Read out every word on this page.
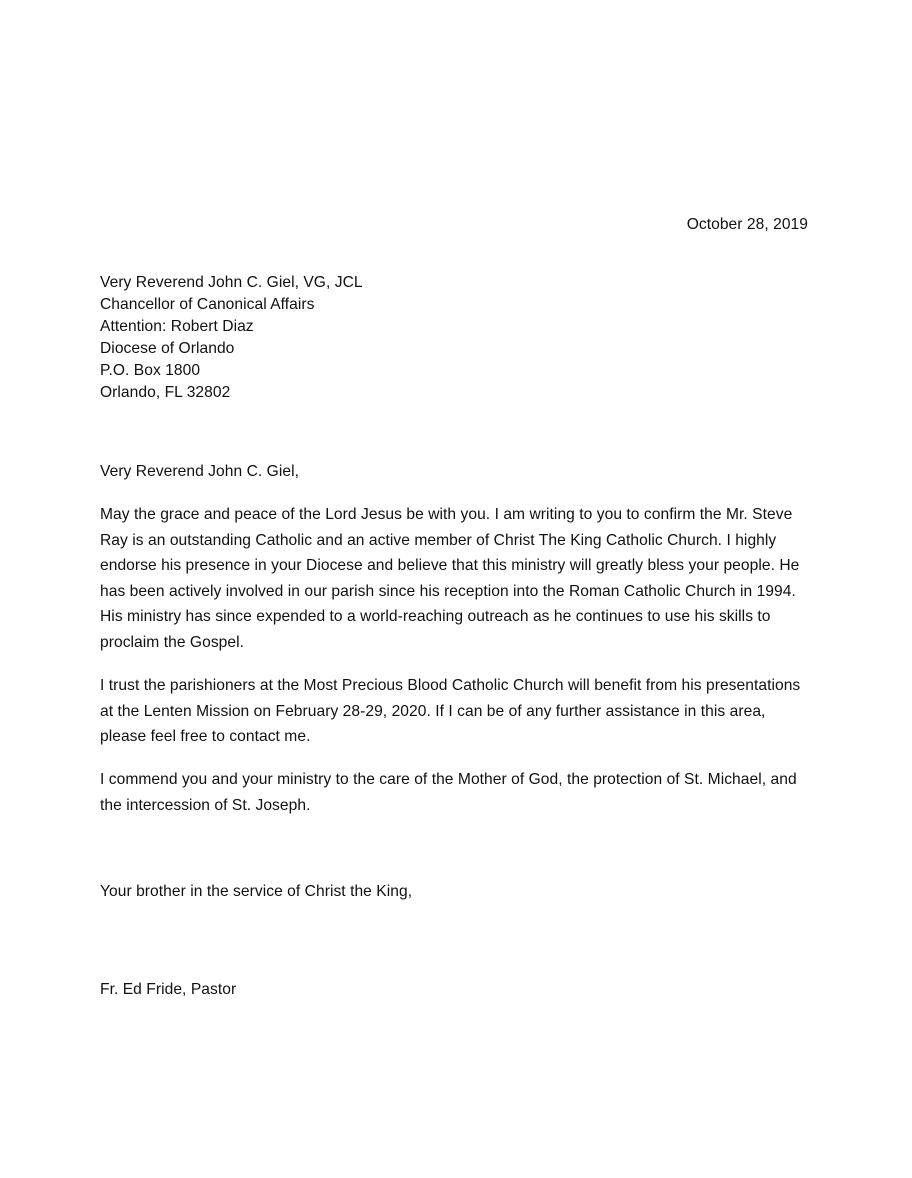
October 28, 2019
Very Reverend John C. Giel, VG, JCL
Chancellor of Canonical Affairs
Attention: Robert Diaz
Diocese of Orlando
P.O. Box 1800
Orlando, FL 32802
Very Reverend John C. Giel,

May the grace and peace of the Lord Jesus be with you. I am writing to you to confirm the Mr. Steve Ray is an outstanding Catholic and an active member of Christ The King Catholic Church. I highly endorse his presence in your Diocese and believe that this ministry will greatly bless your people. He has been actively involved in our parish since his reception into the Roman Catholic Church in 1994. His ministry has since expended to a world-reaching outreach as he continues to use his skills to proclaim the Gospel.

I trust the parishioners at the Most Precious Blood Catholic Church will benefit from his presentations at the Lenten Mission on February 28-29, 2020. If I can be of any further assistance in this area, please feel free to contact me.

I commend you and your ministry to the care of the Mother of God, the protection of St. Michael, and the intercession of St. Joseph.

Your brother in the service of Christ the King,
Fr. Ed Fride, Pastor
